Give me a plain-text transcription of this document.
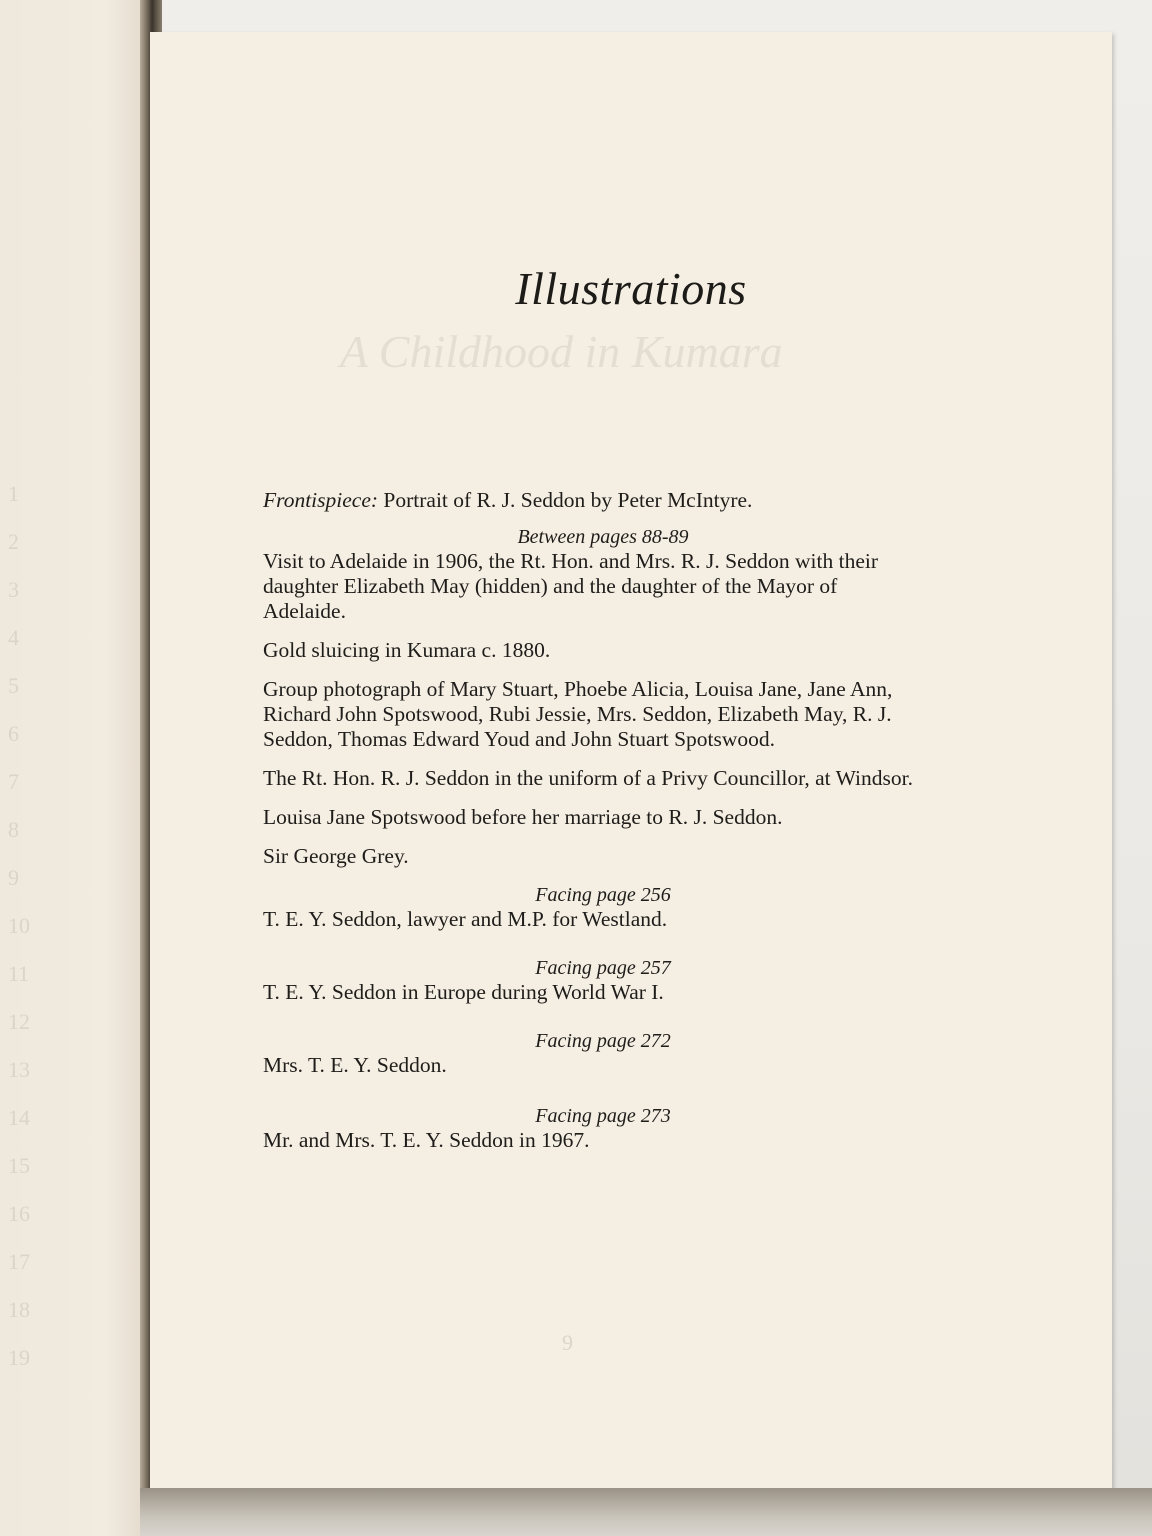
1
2
3
4
5
6
7
8
9
10
11
12
13
14
15
16
17
18
19
A Childhood in Kumara
9
Illustrations
Frontispiece: Portrait of R. J. Seddon by Peter McIntyre.
Between pages 88-89
Visit to Adelaide in 1906, the Rt. Hon. and Mrs. R. J. Seddon with their daughter Elizabeth May (hidden) and the daughter of the Mayor of Adelaide.
Gold sluicing in Kumara c. 1880.
Group photograph of Mary Stuart, Phoebe Alicia, Louisa Jane, Jane Ann, Richard John Spotswood, Rubi Jessie, Mrs. Seddon, Elizabeth May, R. J. Seddon, Thomas Edward Youd and John Stuart Spotswood.
The Rt. Hon. R. J. Seddon in the uniform of a Privy Councillor, at Windsor.
Louisa Jane Spotswood before her marriage to R. J. Seddon.
Sir George Grey.
Facing page 256
T. E. Y. Seddon, lawyer and M.P. for Westland.
Facing page 257
T. E. Y. Seddon in Europe during World War I.
Facing page 272
Mrs. T. E. Y. Seddon.
Facing page 273
Mr. and Mrs. T. E. Y. Seddon in 1967.
